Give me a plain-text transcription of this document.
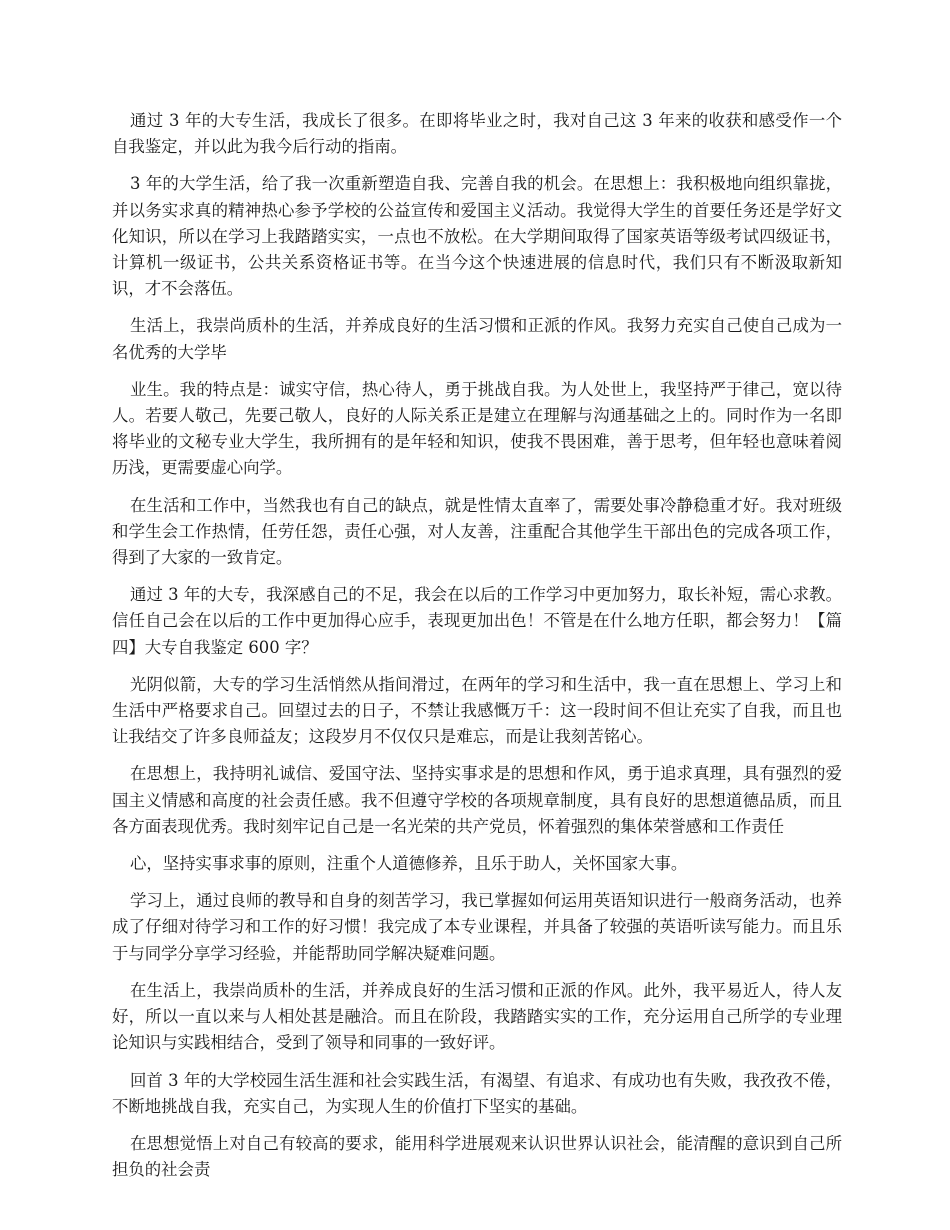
通过 3 年的大专生活，我成长了很多。在即将毕业之时，我对自己这 3 年来的收获和感受作一个自我鉴定，并以此为我今后行动的指南。

3 年的大学生活，给了我一次重新塑造自我、完善自我的机会。在思想上：我积极地向组织靠拢，并以务实求真的精神热心参予学校的公益宣传和爱国主义活动。我觉得大学生的首要任务还是学好文化知识，所以在学习上我踏踏实实，一点也不放松。在大学期间取得了国家英语等级考试四级证书，计算机一级证书，公共关系资格证书等。在当今这个快速进展的信息时代，我们只有不断汲取新知识，才不会落伍。

生活上，我崇尚质朴的生活，并养成良好的生活习惯和正派的作风。我努力充实自己使自己成为一名优秀的大学毕

业生。我的特点是：诚实守信，热心待人，勇于挑战自我。为人处世上，我坚持严于律己，宽以待人。若要人敬己，先要己敬人，良好的人际关系正是建立在理解与沟通基础之上的。同时作为一名即将毕业的文秘专业大学生，我所拥有的是年轻和知识，使我不畏困难，善于思考，但年轻也意味着阅历浅，更需要虚心向学。

在生活和工作中，当然我也有自己的缺点，就是性情太直率了，需要处事冷静稳重才好。我对班级和学生会工作热情，任劳任怨，责任心强，对人友善，注重配合其他学生干部出色的完成各项工作，得到了大家的一致肯定。

通过 3 年的大专，我深感自己的不足，我会在以后的工作学习中更加努力，取长补短，需心求教。信任自己会在以后的工作中更加得心应手，表现更加出色！不管是在什么地方任职，都会努力！【篇四】大专自我鉴定 600 字？

光阴似箭，大专的学习生活悄然从指间滑过，在两年的学习和生活中，我一直在思想上、学习上和生活中严格要求自己。回望过去的日子，不禁让我感慨万千：这一段时间不但让充实了自我，而且也让我结交了许多良师益友；这段岁月不仅仅只是难忘，而是让我刻苦铭心。

在思想上，我持明礼诚信、爱国守法、坚持实事求是的思想和作风，勇于追求真理，具有强烈的爱国主义情感和高度的社会责任感。我不但遵守学校的各项规章制度，具有良好的思想道德品质，而且各方面表现优秀。我时刻牢记自己是一名光荣的共产党员，怀着强烈的集体荣誉感和工作责任

心，坚持实事求事的原则，注重个人道德修养，且乐于助人，关怀国家大事。

学习上，通过良师的教导和自身的刻苦学习，我已掌握如何运用英语知识进行一般商务活动，也养成了仔细对待学习和工作的好习惯！我完成了本专业课程，并具备了较强的英语听读写能力。而且乐于与同学分享学习经验，并能帮助同学解决疑难问题。

在生活上，我崇尚质朴的生活，并养成良好的生活习惯和正派的作风。此外，我平易近人，待人友好，所以一直以来与人相处甚是融洽。而且在阶段，我踏踏实实的工作，充分运用自己所学的专业理论知识与实践相结合，受到了领导和同事的一致好评。

回首 3 年的大学校园生活生涯和社会实践生活，有渴望、有追求、有成功也有失败，我孜孜不倦，不断地挑战自我，充实自己，为实现人生的价值打下坚实的基础。

在思想觉悟上对自己有较高的要求，能用科学进展观来认识世界认识社会，能清醒的意识到自己所担负的社会责
